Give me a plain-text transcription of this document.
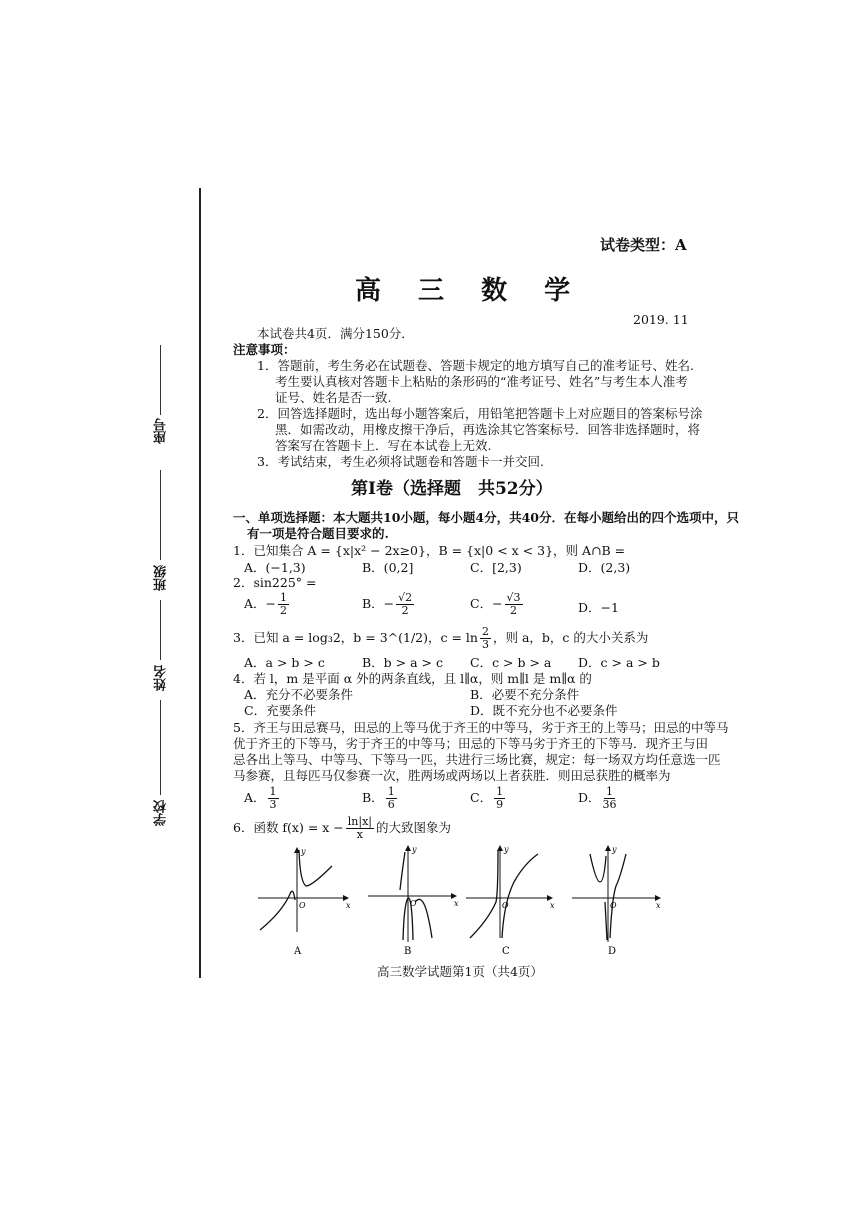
座号
班级
姓名
学校
试卷类型：A
高 三 数 学
2019. 11
本试卷共4页．满分150分．
注意事项：
1．答题前，考生务必在试题卷、答题卡规定的地方填写自己的准考证号、姓名.
考生要认真核对答题卡上粘贴的条形码的“准考证号、姓名”与考生本人准考
证号、姓名是否一致.
2．回答选择题时，选出每小题答案后，用铅笔把答题卡上对应题目的答案标号涂
黑．如需改动，用橡皮擦干净后，再选涂其它答案标号．回答非选择题时，将
答案写在答题卡上．写在本试卷上无效.
3．考试结束，考生必须将试题卷和答题卡一并交回.
第Ⅰ卷（选择题　共52分）
一、单项选择题：本大题共10小题，每小题4分，共40分．在每小题给出的四个选项中，只
有一项是符合题目要求的.
1．已知集合 A = {x|x² − 2x≥0}，B = {x|0 < x < 3}，则 A∩B =
A．(−1,3)	B．(0,2]	C．[2,3)	D．(2,3)
2．sin225° =
A．− $\frac{1}{2}$	B．− $\frac{√2}{2}$	C．− $\frac{√3}{2}$	D．−1
3．已知 a = log₃2，b = 3^(1/2)，$c = \ln \frac{2}{3}$ ，则 a，b，c 的大小关系为
A．a > b > c	B．b > a > c C．c > b > a D．c > a > b
4．若 l，m 是平面 α 外的两条直线，且 l∥α，则 m∥l 是 m∥α 的
A．充分不必要条件	B．必要不充分条件
C．充要条件	D．既不充分也不必要条件
5．齐王与田忌赛马，田忌的上等马优于齐王的中等马，劣于齐王的上等马；田忌的中等马
优于齐王的下等马，劣于齐王的中等马；田忌的下等马劣于齐王的下等马．现齐王与田
忌各出上等马、中等马、下等马一匹，共进行三场比赛，规定：每一场双方均任意选一匹
马参赛，且每匹马仅参赛一次，胜两场或两场以上者获胜．则田忌获胜的概率为
A． $\frac{1}{3}$	B． $\frac{1}{6}$	C． $\frac{1}{9}$	D． $\frac{1}{36}$
6．函数 $f(x) = x - \frac{\ln|x|}{x}$ 的大致图象为
y
x
O
A
y
x
O
B
y
x
O
C
y
x
O
D
高三数学试题第1页（共4页）
